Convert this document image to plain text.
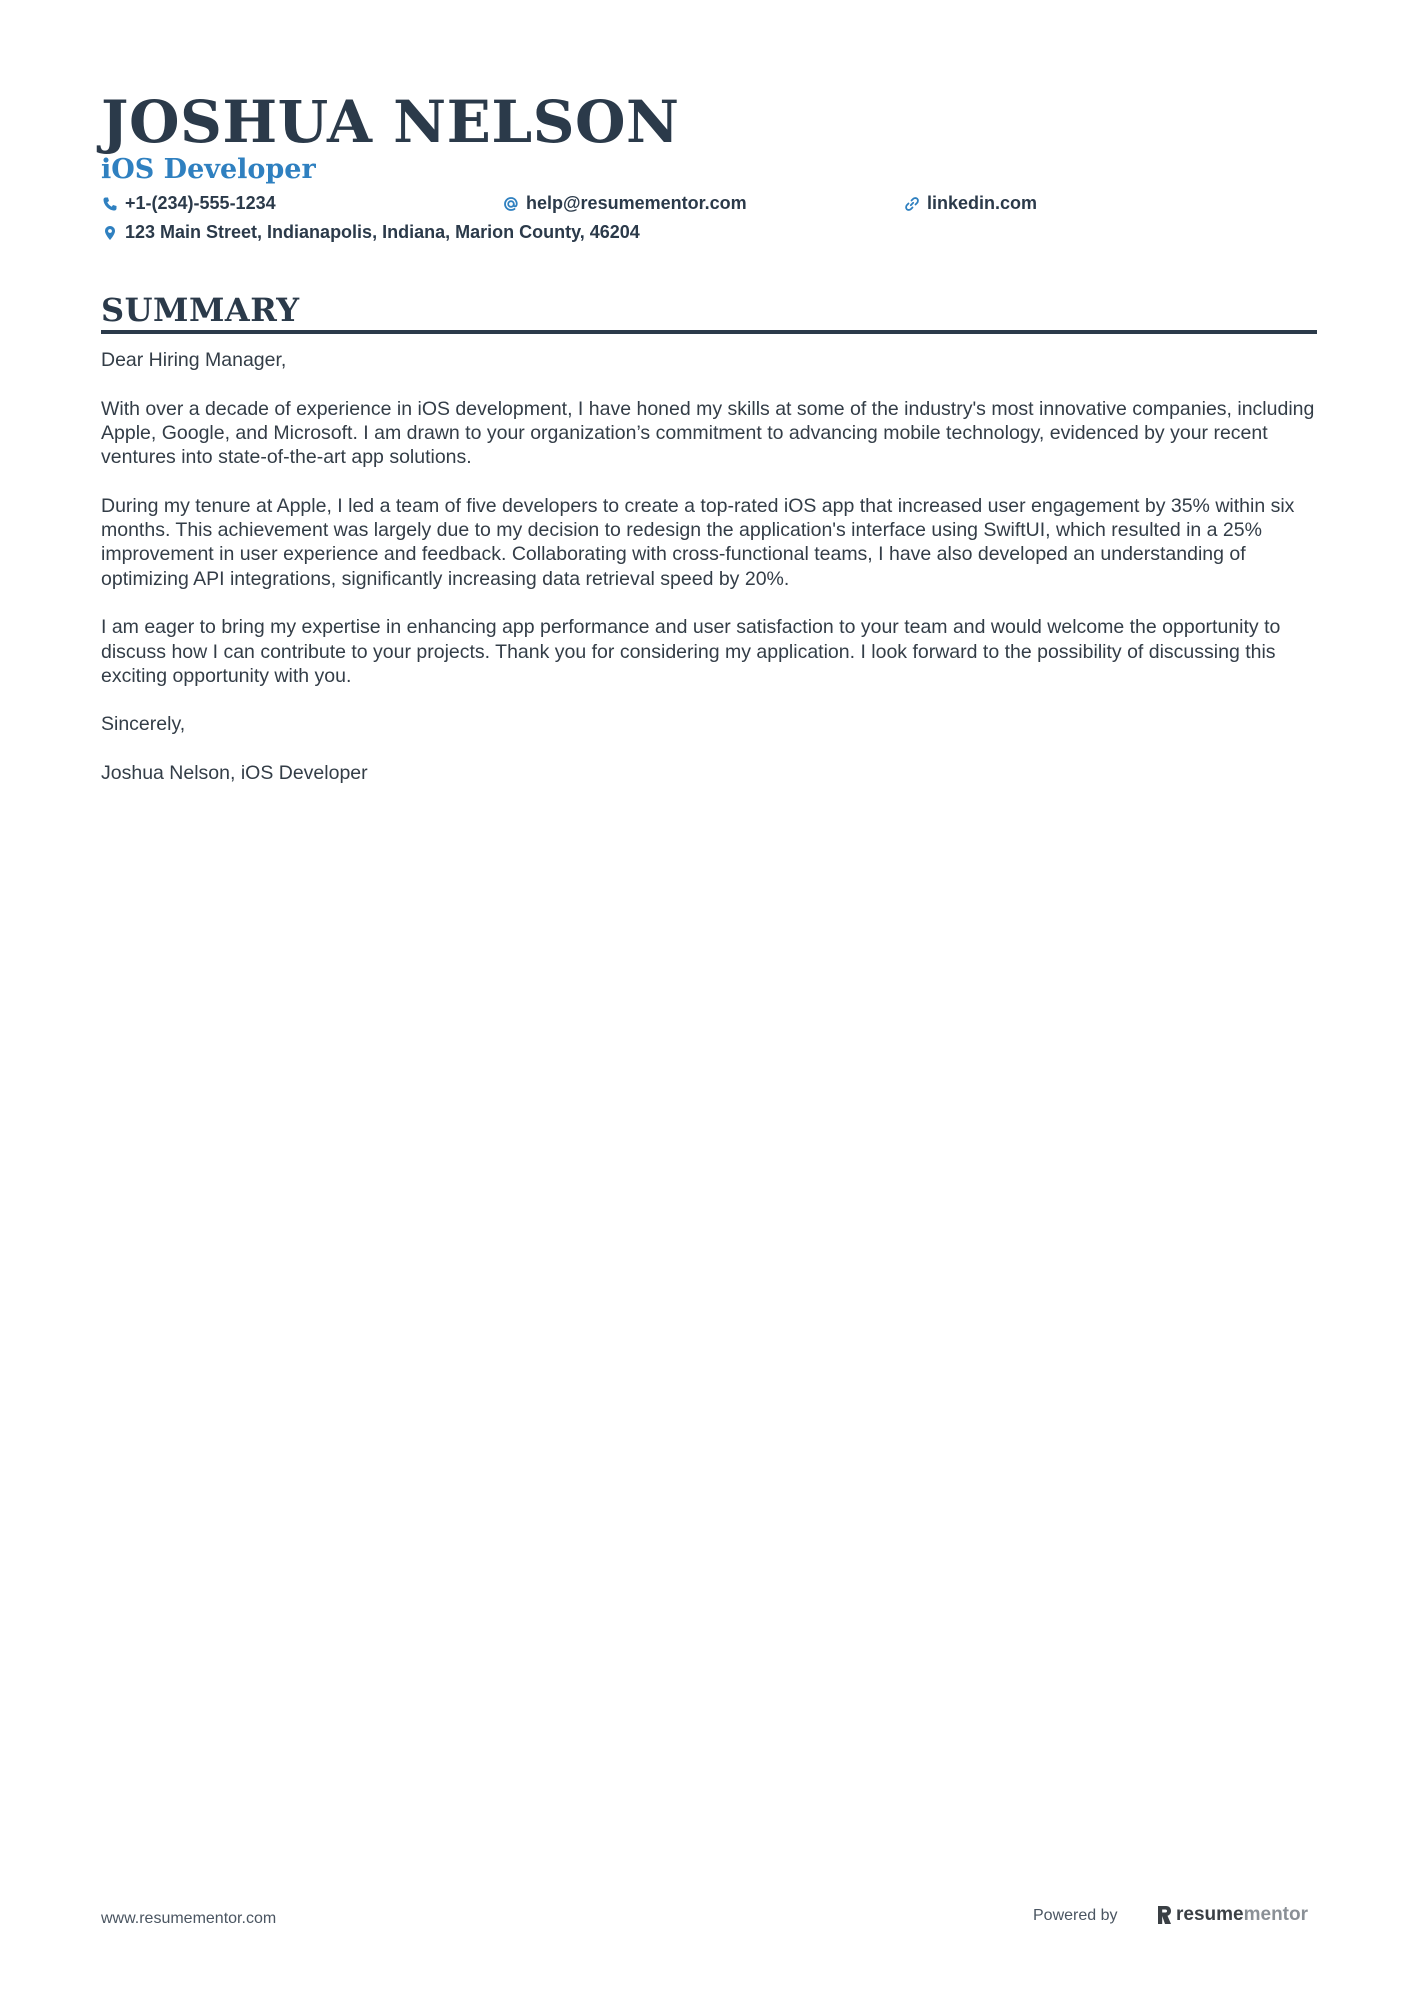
JOSHUA NELSON
iOS Developer
+1-(234)-555-1234	help@resumementor.com	linkedin.com
123 Main Street, Indianapolis, Indiana, Marion County, 46204
SUMMARY

Dear Hiring Manager,

With over a decade of experience in iOS development, I have honed my skills at some of the industry's most innovative companies, including Apple, Google, and Microsoft. I am drawn to your organization’s commitment to advancing mobile technology, evidenced by your recent ventures into state-of-the-art app solutions.

During my tenure at Apple, I led a team of five developers to create a top-rated iOS app that increased user engagement by 35% within six months. This achievement was largely due to my decision to redesign the application's interface using SwiftUI, which resulted in a 25% improvement in user experience and feedback. Collaborating with cross-functional teams, I have also developed an understanding of optimizing API integrations, significantly increasing data retrieval speed by 20%.

I am eager to bring my expertise in enhancing app performance and user satisfaction to your team and would welcome the opportunity to discuss how I can contribute to your projects. Thank you for considering my application. I look forward to the possibility of discussing this exciting opportunity with you.

Sincerely,

Joshua Nelson, iOS Developer

www.resumementor.com	Powered by	resume mentor
